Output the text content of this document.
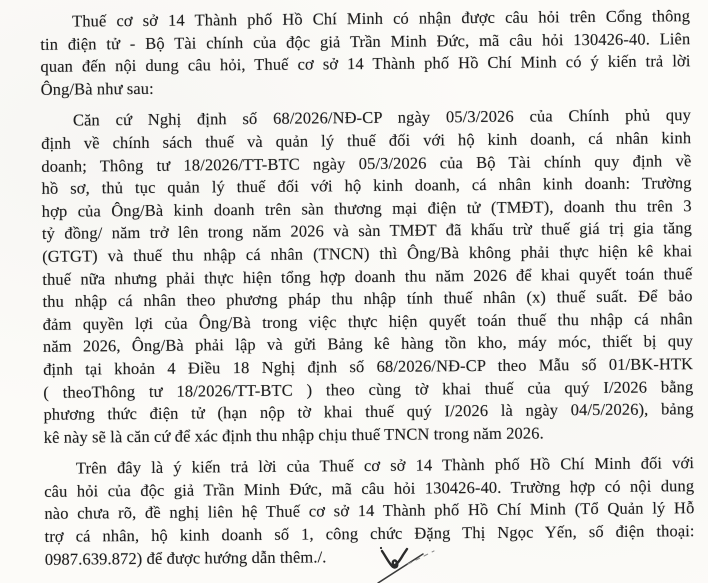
Thuế cơ sở 14 Thành phố Hồ Chí Minh có nhận được câu hỏi trên Cổng thông
tin điện tử - Bộ Tài chính của độc giả Trần Minh Đức, mã câu hỏi 130426-40. Liên
quan đến nội dung câu hỏi, Thuế cơ sở 14 Thành phố Hồ Chí Minh có ý kiến trả lời
Ông/Bà như sau:

Căn cứ Nghị định số 68/2026/NĐ-CP ngày 05/3/2026 của Chính phủ quy
định về chính sách thuế và quản lý thuế đối với hộ kinh doanh, cá nhân kinh
doanh; Thông tư 18/2026/TT-BTC ngày 05/3/2026 của Bộ Tài chính quy định về
hồ sơ, thủ tục quản lý thuế đối với hộ kinh doanh, cá nhân kinh doanh: Trường
hợp của Ông/Bà kinh doanh trên sàn thương mại điện tử (TMĐT), doanh thu trên 3
tỷ đồng/ năm trở lên trong năm 2026 và sàn TMĐT đã khấu trừ thuế giá trị gia tăng
(GTGT) và thuế thu nhập cá nhân (TNCN) thì Ông/Bà không phải thực hiện kê khai
thuế nữa nhưng phải thực hiện tổng hợp doanh thu năm 2026 để khai quyết toán thuế
thu nhập cá nhân theo phương pháp thu nhập tính thuế nhân (x) thuế suất. Để bảo
đảm quyền lợi của Ông/Bà trong việc thực hiện quyết toán thuế thu nhập cá nhân
năm 2026, Ông/Bà phải lập và gửi Bảng kê hàng tồn kho, máy móc, thiết bị quy
định tại khoản 4 Điều 18 Nghị định số 68/2026/NĐ-CP theo Mẫu số 01/BK-HTK
( theoThông tư 18/2026/TT-BTC ) theo cùng tờ khai thuế của quý I/2026 bằng
phương thức điện tử (hạn nộp tờ khai thuế quý I/2026 là ngày 04/5/2026), bảng
kê này sẽ là căn cứ để xác định thu nhập chịu thuế TNCN trong năm 2026.

Trên đây là ý kiến trả lời của Thuế cơ sở 14 Thành phố Hồ Chí Minh đối với
câu hỏi của độc giả Trần Minh Đức, mã câu hỏi 130426-40. Trường hợp có nội dung
nào chưa rõ, đề nghị liên hệ Thuế cơ sở 14 Thành phố Hồ Chí Minh (Tổ Quản lý Hỗ
trợ cá nhân, hộ kinh doanh số 1, công chức Đặng Thị Ngọc Yến, số điện thoại:
0987.639.872) để được hướng dẫn thêm./.
